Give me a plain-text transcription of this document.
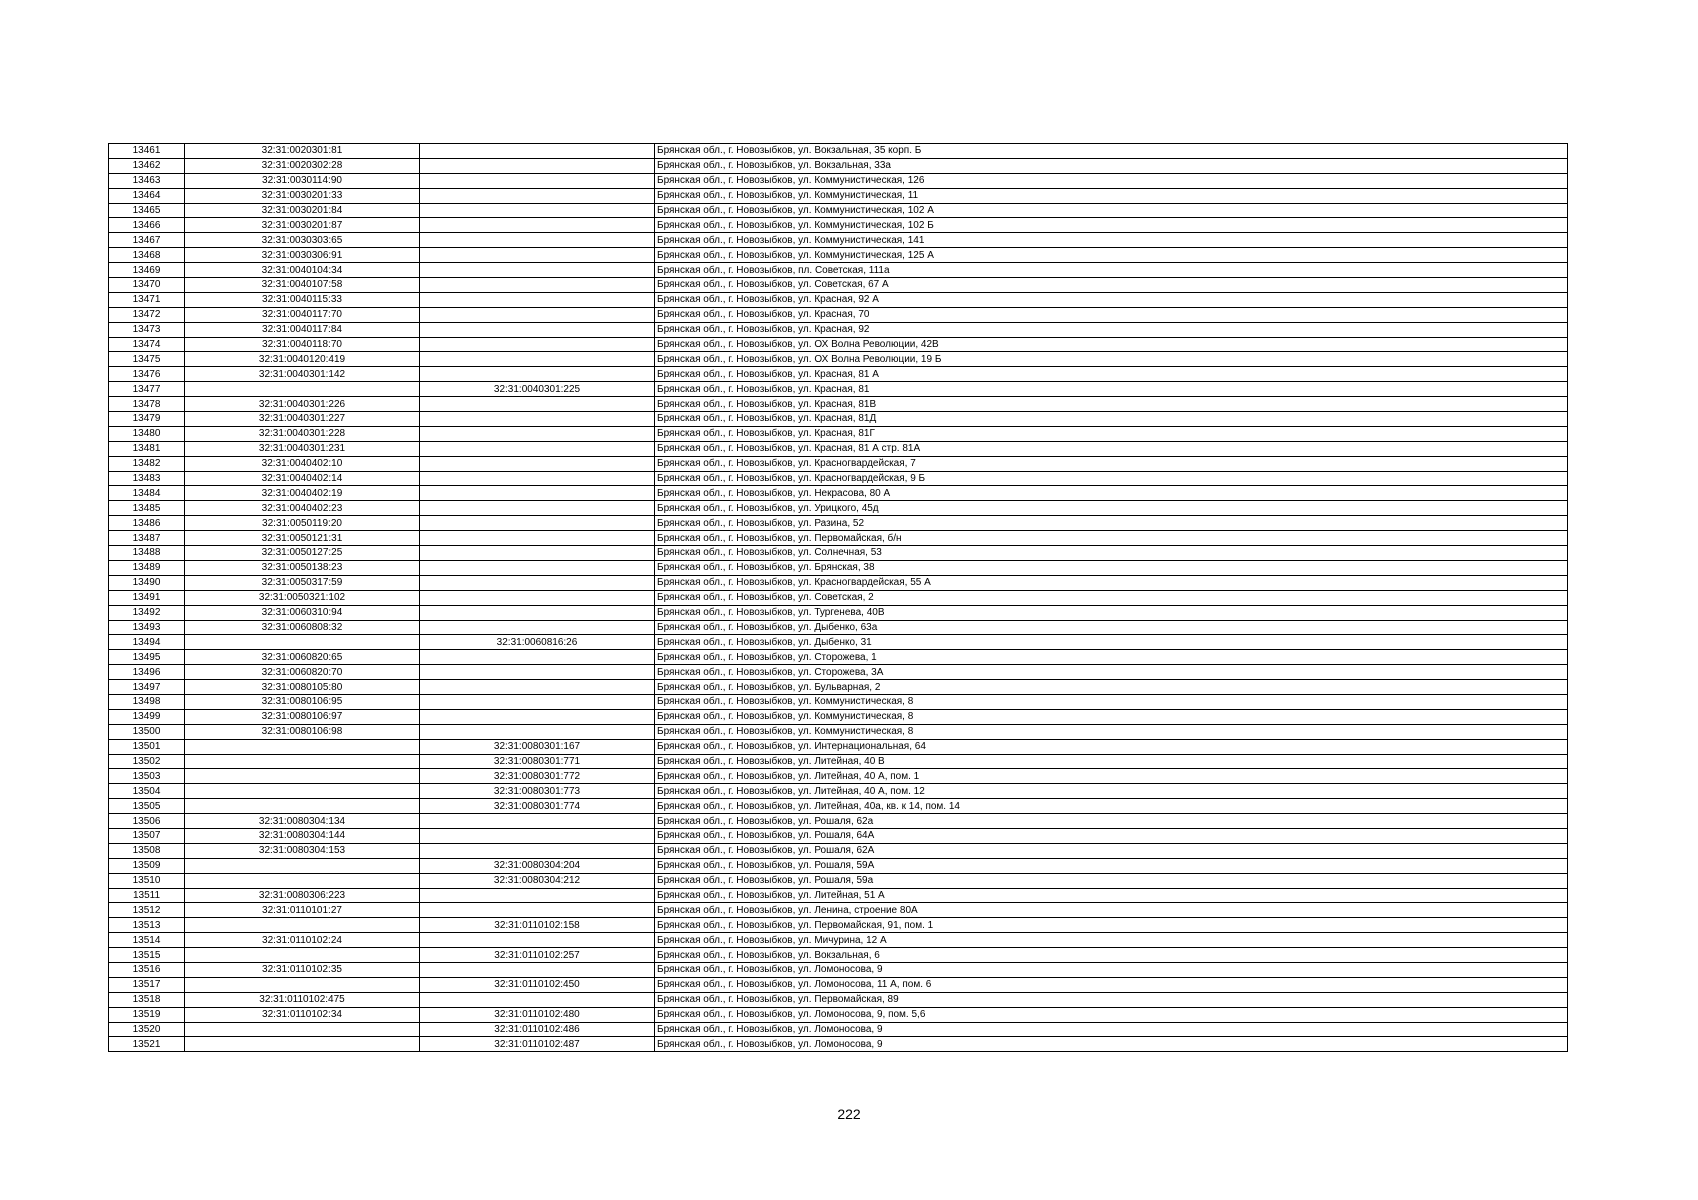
13461	32:31:0020301:81		Брянская обл., г. Новозыбков, ул. Вокзальная, 35 корп. Б
13462	32:31:0020302:28		Брянская обл., г. Новозыбков, ул. Вокзальная, 33а
13463	32:31:0030114:90		Брянская обл., г. Новозыбков, ул. Коммунистическая, 126
13464	32:31:0030201:33		Брянская обл., г. Новозыбков, ул. Коммунистическая, 11
13465	32:31:0030201:84		Брянская обл., г. Новозыбков, ул. Коммунистическая, 102 А
13466	32:31:0030201:87		Брянская обл., г. Новозыбков, ул. Коммунистическая, 102 Б
13467	32:31:0030303:65		Брянская обл., г. Новозыбков, ул. Коммунистическая, 141
13468	32:31:0030306:91		Брянская обл., г. Новозыбков, ул. Коммунистическая, 125 А
13469	32:31:0040104:34		Брянская обл., г. Новозыбков, пл. Советская, 111а
13470	32:31:0040107:58		Брянская обл., г. Новозыбков, ул. Советская, 67 А
13471	32:31:0040115:33		Брянская обл., г. Новозыбков, ул. Красная, 92 А
13472	32:31:0040117:70		Брянская обл., г. Новозыбков, ул. Красная, 70
13473	32:31:0040117:84		Брянская обл., г. Новозыбков, ул. Красная, 92
13474	32:31:0040118:70		Брянская обл., г. Новозыбков, ул. ОХ Волна Революции, 42В
13475	32:31:0040120:419		Брянская обл., г. Новозыбков, ул. ОХ Волна Революции, 19 Б
13476	32:31:0040301:142		Брянская обл., г. Новозыбков, ул. Красная, 81 А
13477		32:31:0040301:225	Брянская обл., г. Новозыбков, ул. Красная, 81
13478	32:31:0040301:226		Брянская обл., г. Новозыбков, ул. Красная, 81В
13479	32:31:0040301:227		Брянская обл., г. Новозыбков, ул. Красная, 81Д
13480	32:31:0040301:228		Брянская обл., г. Новозыбков, ул. Красная, 81Г
13481	32:31:0040301:231		Брянская обл., г. Новозыбков, ул. Красная, 81 А стр. 81А
13482	32:31:0040402:10		Брянская обл., г. Новозыбков, ул. Красногвардейская, 7
13483	32:31:0040402:14		Брянская обл., г. Новозыбков, ул. Красногвардейская, 9 Б
13484	32:31:0040402:19		Брянская обл., г. Новозыбков, ул. Некрасова, 80 А
13485	32:31:0040402:23		Брянская обл., г. Новозыбков, ул. Урицкого, 45д
13486	32:31:0050119:20		Брянская обл., г. Новозыбков, ул. Разина, 52
13487	32:31:0050121:31		Брянская обл., г. Новозыбков, ул. Первомайская, б/н
13488	32:31:0050127:25		Брянская обл., г. Новозыбков, ул. Солнечная, 53
13489	32:31:0050138:23		Брянская обл., г. Новозыбков, ул. Брянская, 38
13490	32:31:0050317:59		Брянская обл., г. Новозыбков, ул. Красногвардейская, 55 А
13491	32:31:0050321:102		Брянская обл., г. Новозыбков, ул. Советская, 2
13492	32:31:0060310:94		Брянская обл., г. Новозыбков, ул. Тургенева, 40В
13493	32:31:0060808:32		Брянская обл., г. Новозыбков, ул. Дыбенко, 63а
13494		32:31:0060816:26	Брянская обл., г. Новозыбков, ул. Дыбенко, 31
13495	32:31:0060820:65		Брянская обл., г. Новозыбков, ул. Сторожева, 1
13496	32:31:0060820:70		Брянская обл., г. Новозыбков, ул. Сторожева, 3А
13497	32:31:0080105:80		Брянская обл., г. Новозыбков, ул. Бульварная, 2
13498	32:31:0080106:95		Брянская обл., г. Новозыбков, ул. Коммунистическая, 8
13499	32:31:0080106:97		Брянская обл., г. Новозыбков, ул. Коммунистическая, 8
13500	32:31:0080106:98		Брянская обл., г. Новозыбков, ул. Коммунистическая, 8
13501		32:31:0080301:167	Брянская обл., г. Новозыбков, ул. Интернациональная, 64
13502		32:31:0080301:771	Брянская обл., г. Новозыбков, ул. Литейная, 40 В
13503		32:31:0080301:772	Брянская обл., г. Новозыбков, ул. Литейная, 40 А, пом. 1
13504		32:31:0080301:773	Брянская обл., г. Новозыбков, ул. Литейная, 40 А, пом. 12
13505		32:31:0080301:774	Брянская обл., г. Новозыбков, ул. Литейная, 40а, кв. к 14, пом. 14
13506	32:31:0080304:134		Брянская обл., г. Новозыбков, ул. Рошаля, 62а
13507	32:31:0080304:144		Брянская обл., г. Новозыбков, ул. Рошаля, 64А
13508	32:31:0080304:153		Брянская обл., г. Новозыбков, ул. Рошаля, 62А
13509		32:31:0080304:204	Брянская обл., г. Новозыбков, ул. Рошаля, 59А
13510		32:31:0080304:212	Брянская обл., г. Новозыбков, ул. Рошаля, 59а
13511	32:31:0080306:223		Брянская обл., г. Новозыбков, ул. Литейная, 51 А
13512	32:31:0110101:27		Брянская обл., г. Новозыбков, ул. Ленина, строение 80А
13513		32:31:0110102:158	Брянская обл., г. Новозыбков, ул. Первомайская, 91, пом. 1
13514	32:31:0110102:24		Брянская обл., г. Новозыбков, ул. Мичурина, 12 А
13515		32:31:0110102:257	Брянская обл., г. Новозыбков, ул. Вокзальная, 6
13516	32:31:0110102:35		Брянская обл., г. Новозыбков, ул. Ломоносова, 9
13517		32:31:0110102:450	Брянская обл., г. Новозыбков, ул. Ломоносова, 11 А, пом. 6
13518	32:31:0110102:475		Брянская обл., г. Новозыбков, ул. Первомайская, 89
13519	32:31:0110102:34	32:31:0110102:480	Брянская обл., г. Новозыбков, ул. Ломоносова, 9, пом. 5,6
13520		32:31:0110102:486	Брянская обл., г. Новозыбков, ул. Ломоносова, 9
13521		32:31:0110102:487	Брянская обл., г. Новозыбков, ул. Ломоносова, 9
222
